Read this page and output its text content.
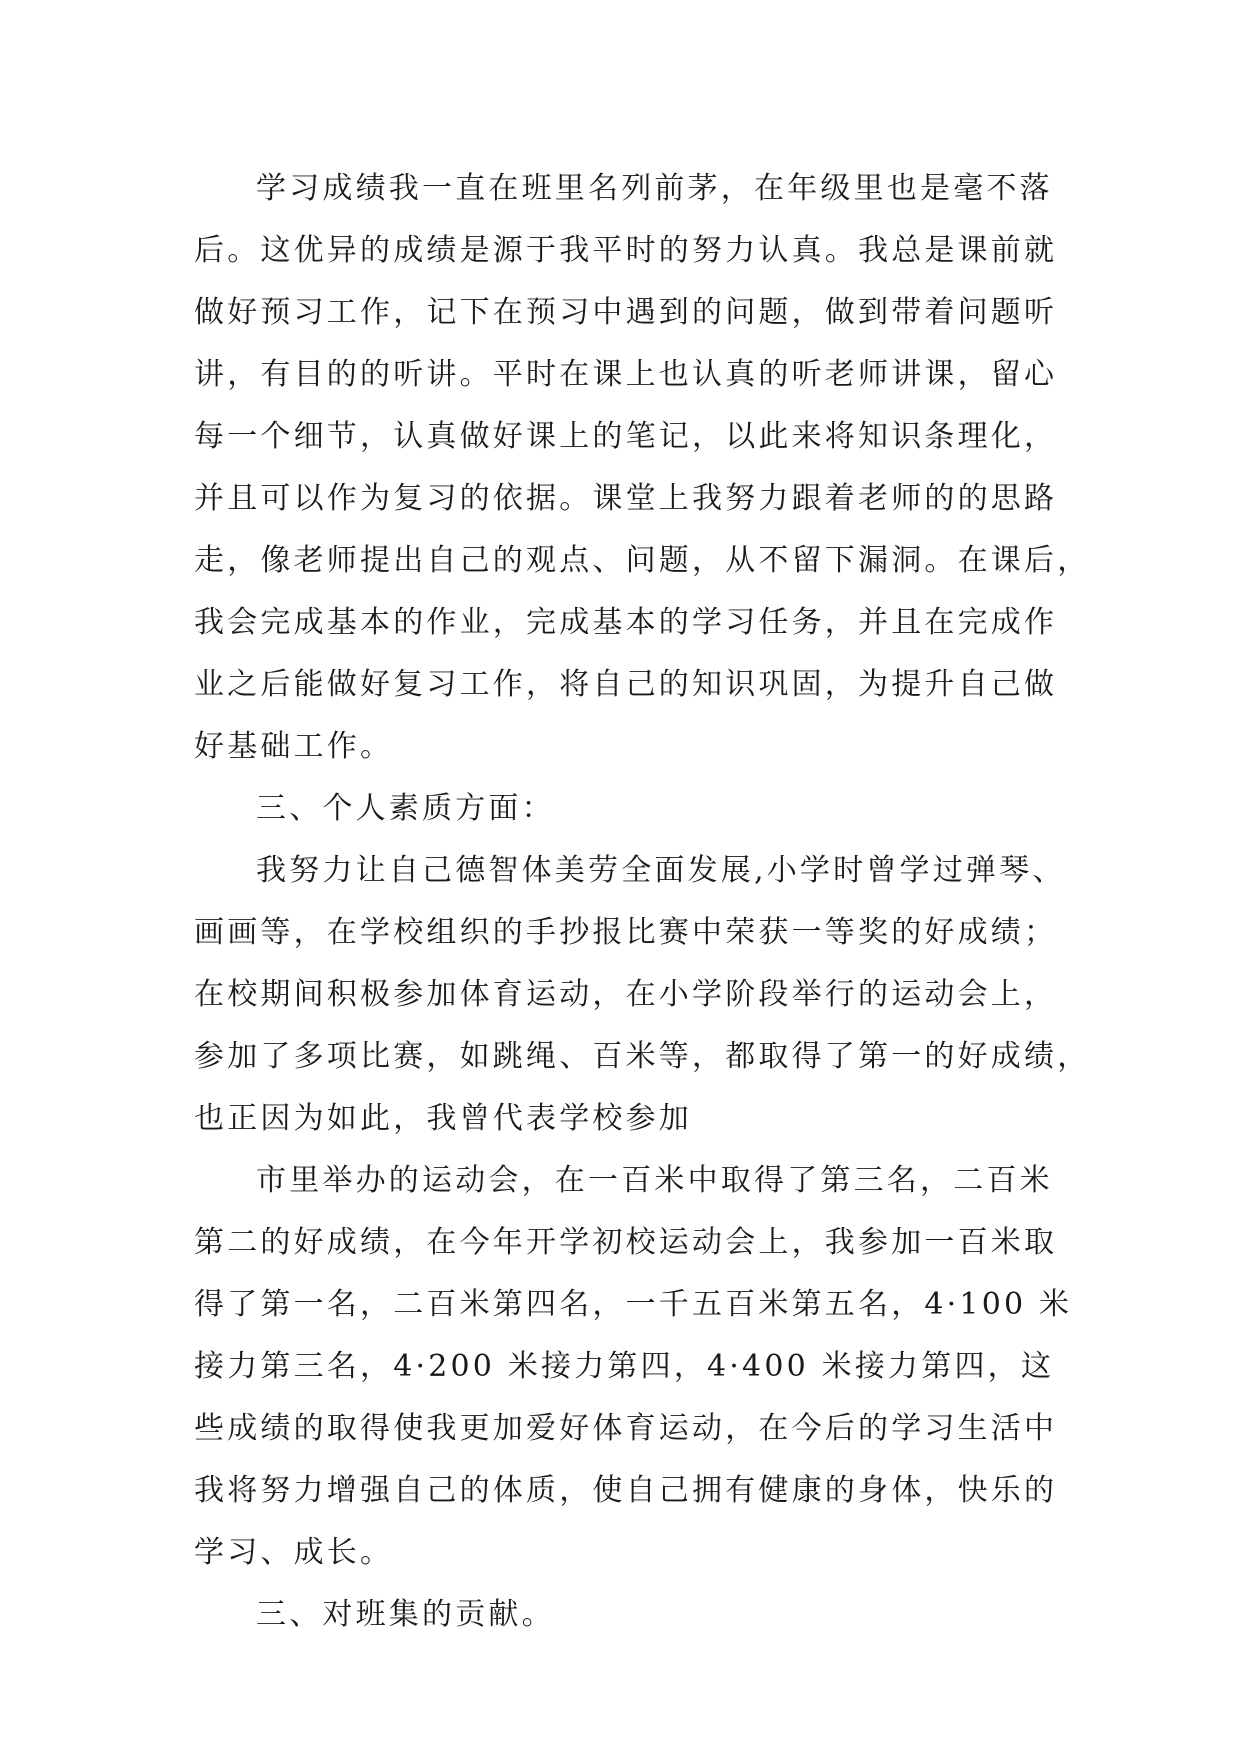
学习成绩我一直在班里名列前茅，在年级里也是毫不落
后。这优异的成绩是源于我平时的努力认真。我总是课前就
做好预习工作，记下在预习中遇到的问题，做到带着问题听
讲，有目的的听讲。平时在课上也认真的听老师讲课，留心
每一个细节，认真做好课上的笔记，以此来将知识条理化，
并且可以作为复习的依据。课堂上我努力跟着老师的的思路
走，像老师提出自己的观点、问题，从不留下漏洞。在课后，
我会完成基本的作业，完成基本的学习任务，并且在完成作
业之后能做好复习工作，将自己的知识巩固，为提升自己做
好基础工作。
三、个人素质方面：
我努力让自己德智体美劳全面发展,小学时曾学过弹琴、
画画等，在学校组织的手抄报比赛中荣获一等奖的好成绩；
在校期间积极参加体育运动，在小学阶段举行的运动会上，
参加了多项比赛，如跳绳、百米等，都取得了第一的好成绩，
也正因为如此，我曾代表学校参加
市里举办的运动会，在一百米中取得了第三名，二百米
第二的好成绩，在今年开学初校运动会上，我参加一百米取
得了第一名，二百米第四名，一千五百米第五名，4·100 米
接力第三名，4·200 米接力第四，4·400 米接力第四，这
些成绩的取得使我更加爱好体育运动，在今后的学习生活中
我将努力增强自己的体质，使自己拥有健康的身体，快乐的
学习、成长。
三、对班集的贡献。
